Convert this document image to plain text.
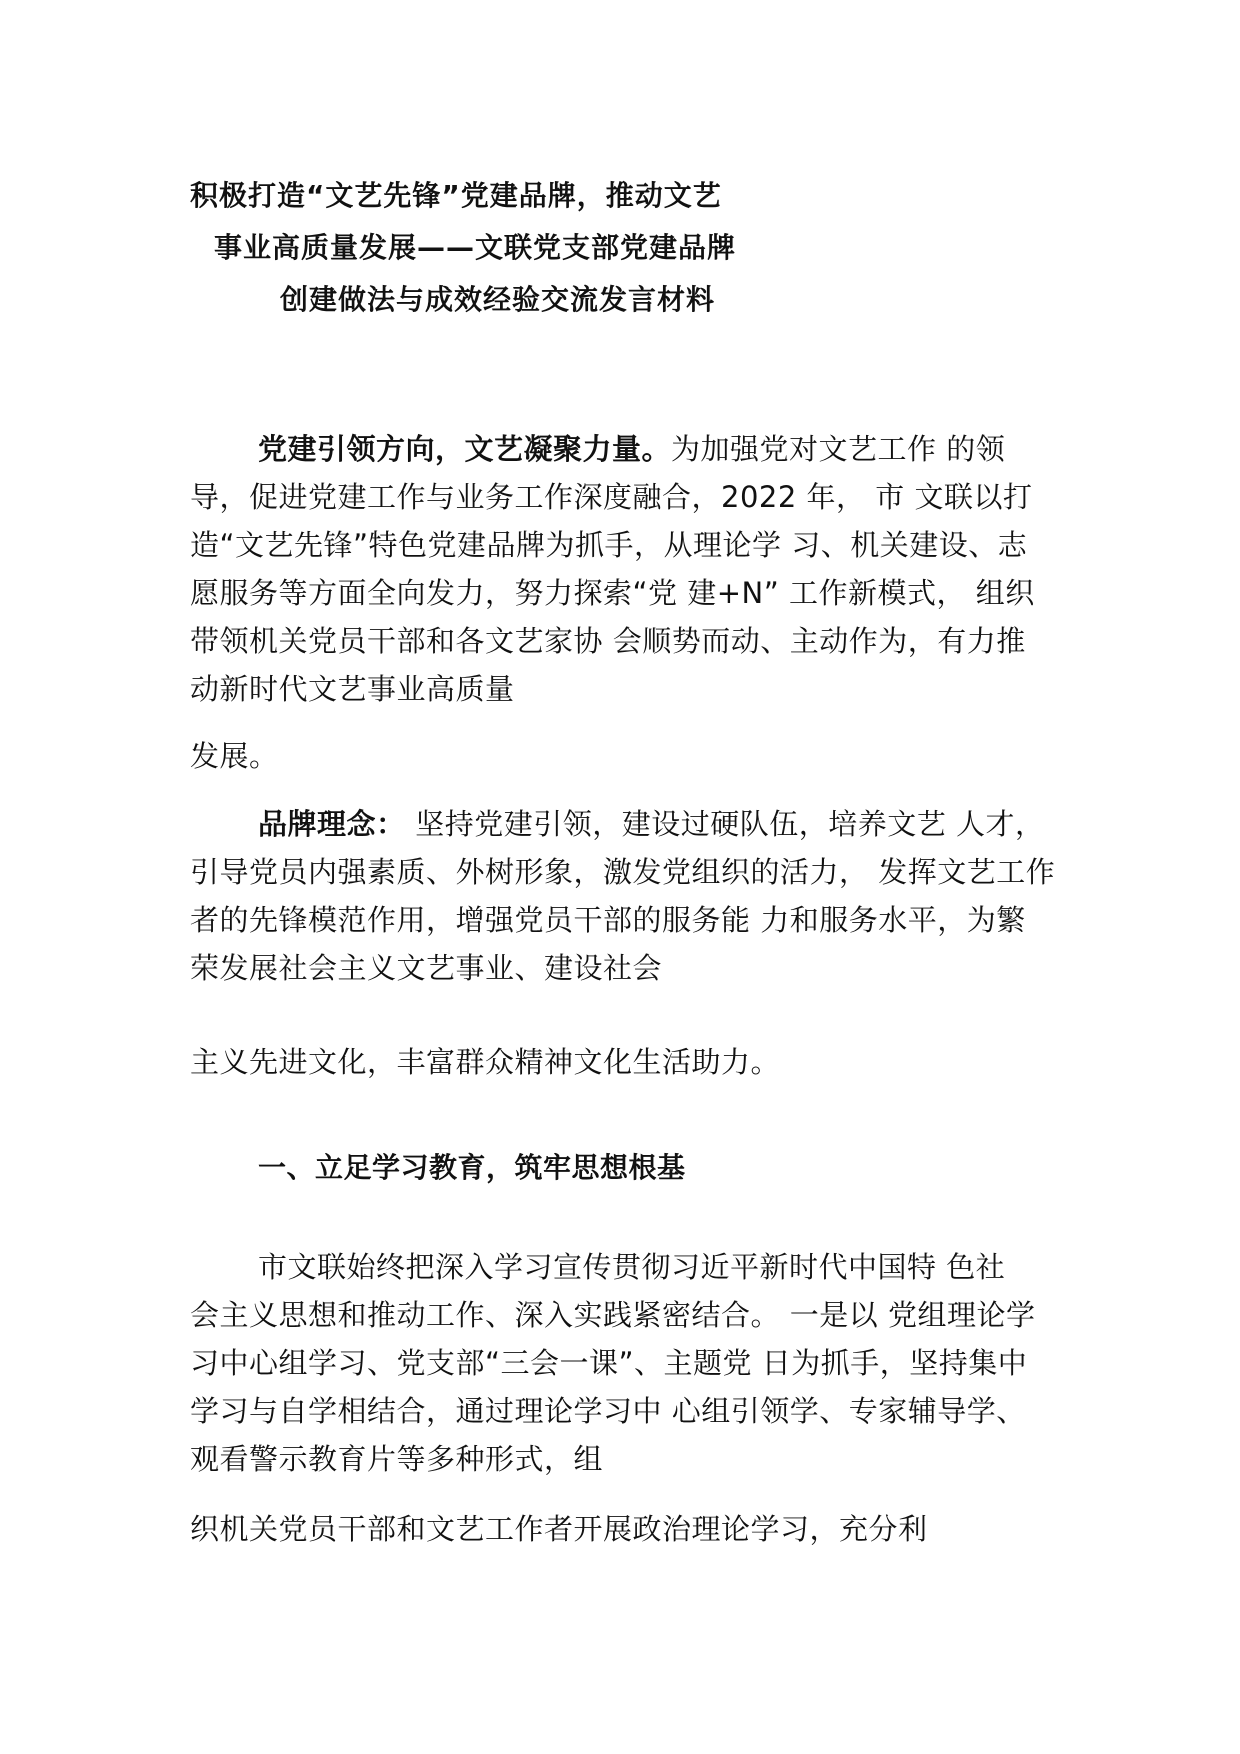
积极打造“文艺先锋”党建品牌，推动文艺
事业高质量发展——文联党支部党建品牌
创建做法与成效经验交流发言材料
党建引领方向，文艺凝聚力量。为加强党对文艺工作 的领
导，促进党建工作与业务工作深度融合，2022 年， 市 文联以打
造“文艺先锋”特色党建品牌为抓手，从理论学 习、机关建设、志
愿服务等方面全向发力，努力探索“党 建+N” 工作新模式， 组织
带领机关党员干部和各文艺家协 会顺势而动、主动作为，有力推
动新时代文艺事业高质量
发展。
品牌理念： 坚持党建引领，建设过硬队伍，培养文艺 人才，
引导党员内强素质、外树形象，激发党组织的活力， 发挥文艺工作
者的先锋模范作用，增强党员干部的服务能 力和服务水平，为繁
荣发展社会主义文艺事业、建设社会
主义先进文化，丰富群众精神文化生活助力。
一、立足学习教育，筑牢思想根基
市文联始终把深入学习宣传贯彻习近平新时代中国特 色社
会主义思想和推动工作、深入实践紧密结合。 一是以 党组理论学
习中心组学习、党支部“三会一课”、主题党 日为抓手，坚持集中
学习与自学相结合，通过理论学习中 心组引领学、专家辅导学、
观看警示教育片等多种形式，组
织机关党员干部和文艺工作者开展政治理论学习，充分利
